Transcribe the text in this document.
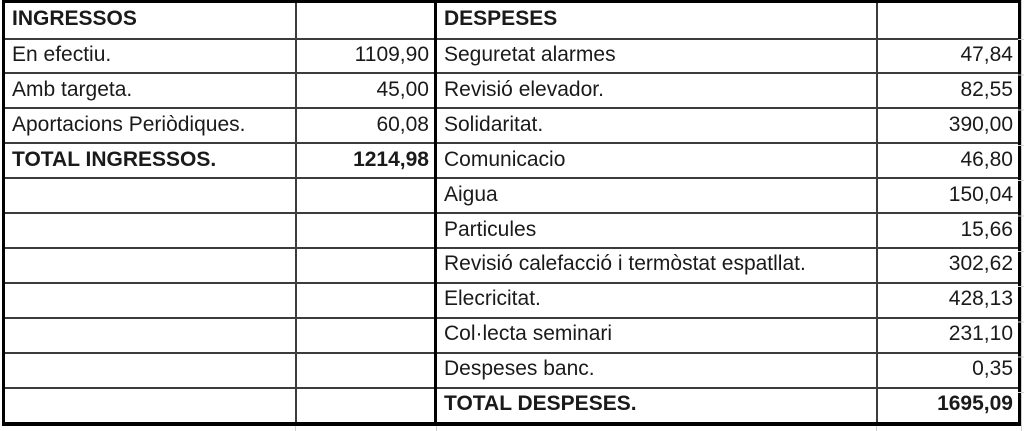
INGRESSOS		DESPESES	
En efectiu.	1109,90	Seguretat alarmes	47,84
Amb targeta.	45,00	Revisió elevador.	82,55
Aportacions Periòdiques.	60,08	Solidaritat.	390,00
TOTAL INGRESSOS.	1214,98	Comunicacio	46,80
		Aigua	150,04
		Particules	15,66
		Revisió calefacció i termòstat espatllat.	302,62
		Elecricitat.	428,13
		Col·lecta seminari	231,10
		Despeses banc.	0,35
		TOTAL DESPESES.	1695,09
